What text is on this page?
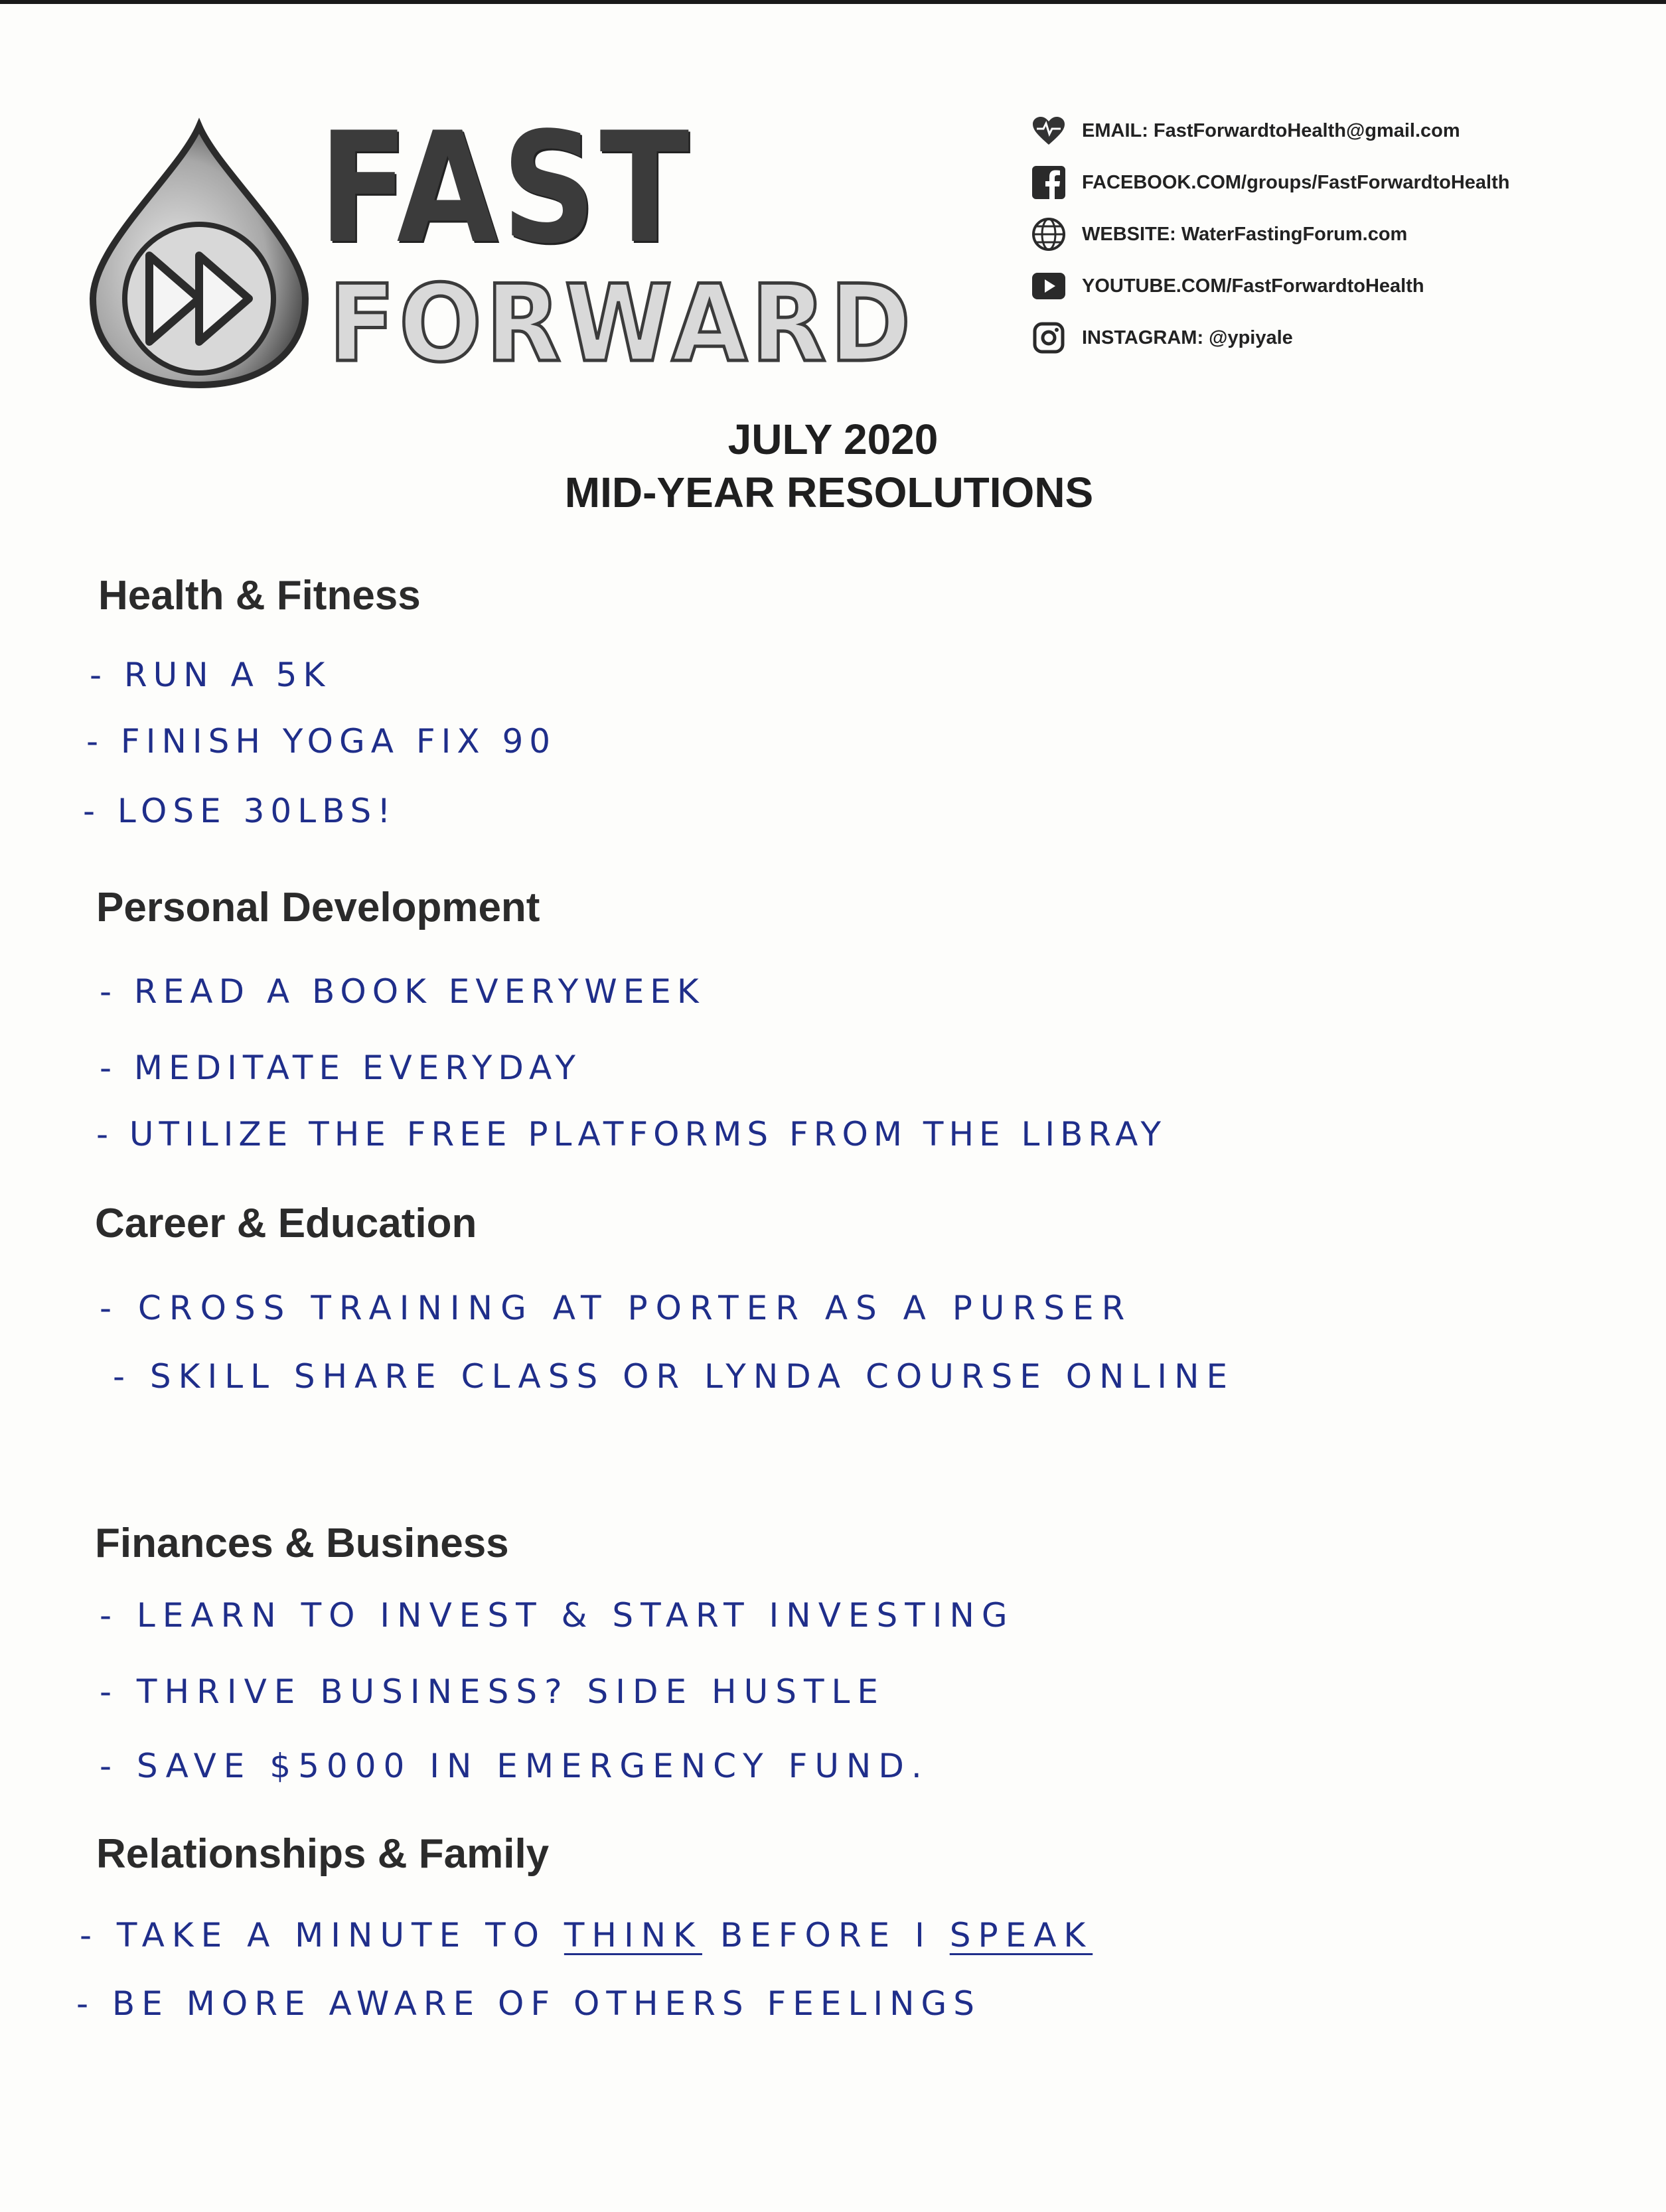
FAST
FORWARD
EMAIL: FastForwardtoHealth@gmail.com
FACEBOOK.COM/groups/FastForwardtoHealth
WEBSITE: WaterFastingForum.com
YOUTUBE.COM/FastForwardtoHealth
INSTAGRAM: @ypiyale
JULY 2020
MID-YEAR RESOLUTIONS
Health & Fitness
- RUN A 5K
- FINISH YOGA FIX 90
- LOSE 30LBS!
Personal Development
- READ A BOOK EVERYWEEK
- MEDITATE EVERYDAY
- UTILIZE THE FREE PLATFORMS FROM THE LIBRAY
Career & Education
- CROSS TRAINING AT PORTER AS A PURSER
- SKILL SHARE CLASS OR LYNDA COURSE ONLINE
Finances & Business
- LEARN TO INVEST & START INVESTING
- THRIVE BUSINESS? SIDE HUSTLE
- SAVE $5000 IN EMERGENCY FUND.
Relationships & Family
- TAKE A MINUTE TO THINK BEFORE I SPEAK
- BE MORE AWARE OF OTHERS FEELINGS
